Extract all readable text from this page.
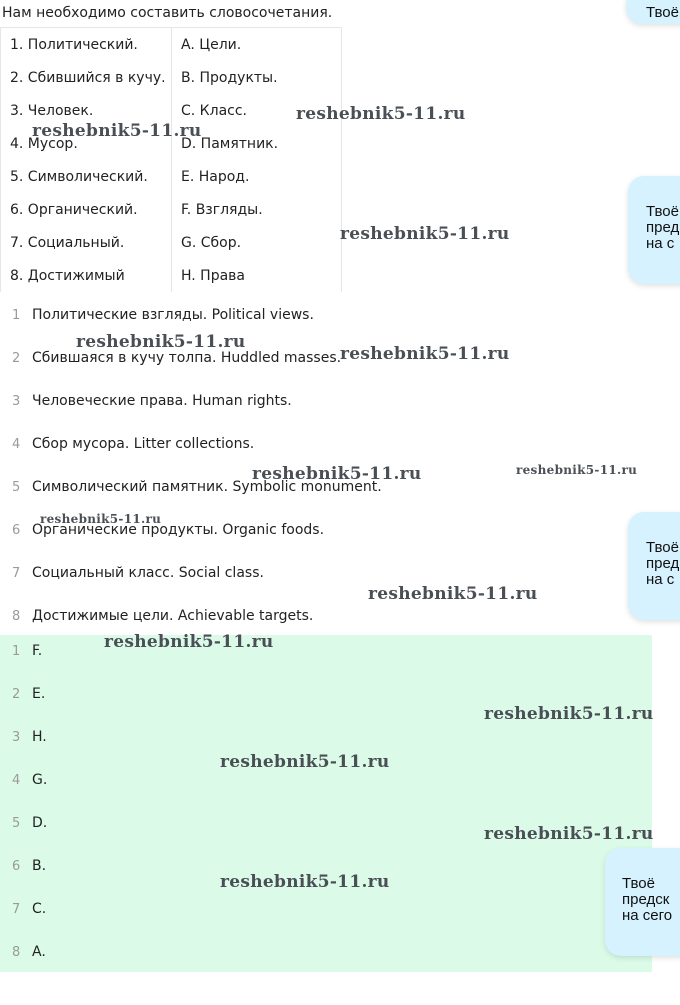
Нам необходимо составить словосочетания.
1. Политический.	A. Цели.
2. Сбившийся в кучу.	B. Продукты.
3. Человек.	C. Класс.
4. Мусор.	D. Памятник.
5. Символический.	E. Народ.
6. Органический.	F. Взгляды.
7. Социальный.	G. Сбор.
8. Достижимый	H. Права
1 Политические взгляды. Political views.
2 Сбившаяся в кучу толпа. Huddled masses.
3 Человеческие права. Human rights.
4 Сбор мусора. Litter collections.
5 Символический памятник. Symbolic monument.
6 Органические продукты. Organic foods.
7 Социальный класс. Social class.
8 Достижимые цели. Achievable targets.
1 F.
2 E.
3 H.
4 G.
5 D.
6 B.
7 C.
8 A.
Твоё
Твоё
пред
на с
Твоё
пред
на с
Твоё
предск
на сего
reshebnik5-11.ru
reshebnik5-11.ru
reshebnik5-11.ru
reshebnik5-11.ru
reshebnik5-11.ru
reshebnik5-11.ru	reshebnik5-11.ru
reshebnik5-11.ru
reshebnik5-11.ru
reshebnik5-11.ru
reshebnik5-11.ru
reshebnik5-11.ru
reshebnik5-11.ru
reshebnik5-11.ru
